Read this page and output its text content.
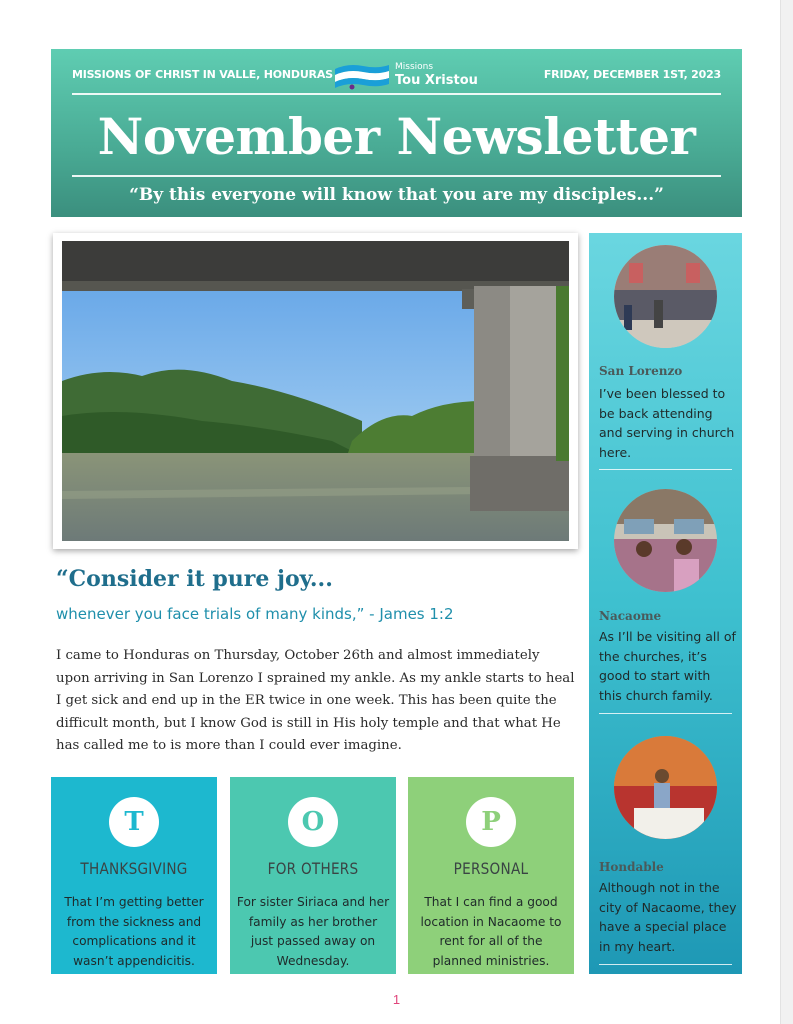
MISSIONS OF CHRIST IN VALLE, HONDURAS
Missions
Tou Xristou	FRIDAY, DECEMBER 1ST, 2023
November Newsletter
“By this everyone will know that you are my disciples...”
“Consider it pure joy...
whenever you face trials of many kinds,” - James 1:2
I came to Honduras on Thursday, October 26th and almost immediately upon arriving in San Lorenzo I sprained my ankle. As my ankle starts to heal I get sick and end up in the ER twice in one week. This has been quite the difficult month, but I know God is still in His holy temple and that what He has called me to is more than I could ever imagine.
T
THANKSGIVING
That I’m getting better from the sickness and complications and it wasn’t appendicitis.
O
FOR OTHERS
For sister Siriaca and her family as her brother just passed away on Wednesday.
P
PERSONAL
That I can find a good location in Nacaome to rent for all of the planned ministries.
San Lorenzo
I’ve been blessed to be back attending and serving in church here.
Nacaome
As I’ll be visiting all of the churches, it’s good to start with this church family.
Hondable
Although not in the city of Nacaome, they have a special place in my heart.
1
